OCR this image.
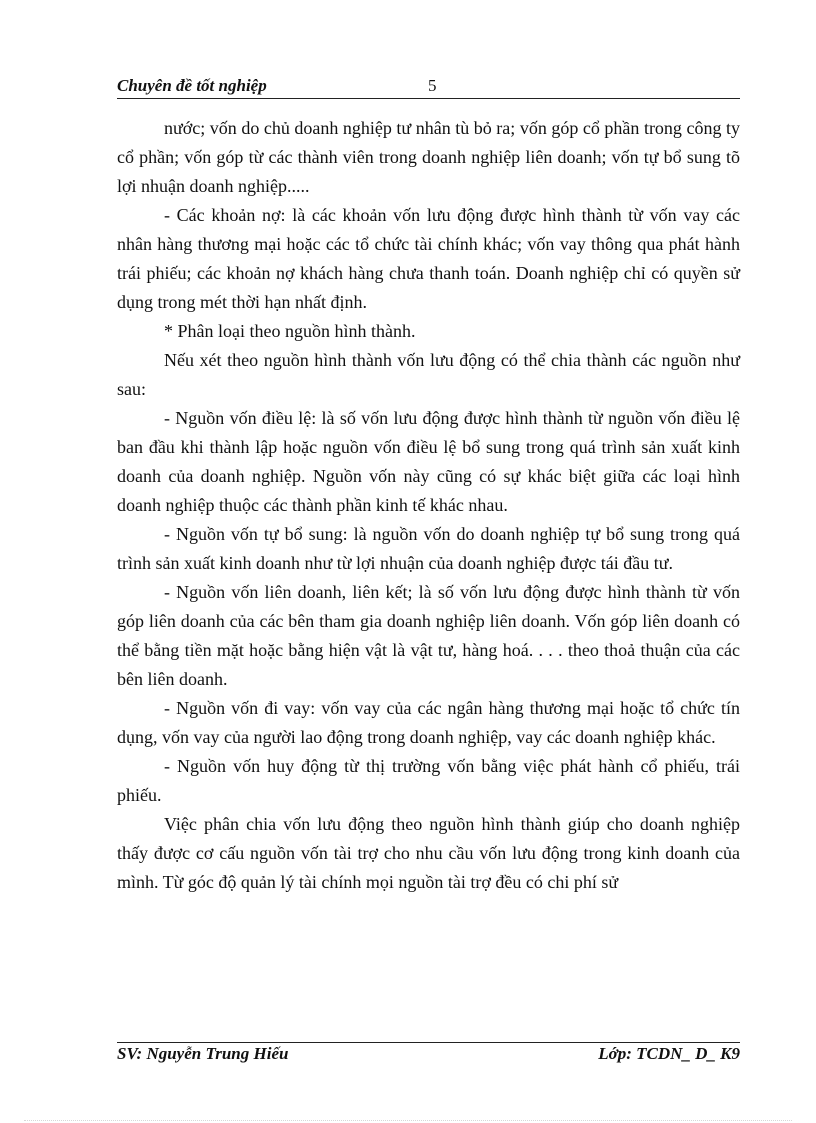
Chuyên đề tốt nghiệp	5

nước; vốn do chủ doanh nghiệp tư nhân tù bỏ ra; vốn góp cổ phần trong công ty cổ phần; vốn góp từ các thành viên trong doanh nghiệp liên doanh; vốn tự bổ sung tõ lợi nhuận doanh nghiệp.....

- Các khoản nợ: là các khoản vốn lưu động được hình thành từ vốn vay các nhân hàng thương mại hoặc các tổ chức tài chính khác; vốn vay thông qua phát hành trái phiếu; các khoản nợ khách hàng chưa thanh toán. Doanh nghiệp chỉ có quyền sử dụng trong mét thời hạn nhất định.

* Phân loại theo nguồn hình thành.

Nếu xét theo nguồn hình thành vốn lưu động có thể chia thành các nguồn như sau:

- Nguồn vốn điều lệ: là số vốn lưu động được hình thành từ nguồn vốn điều lệ ban đầu khi thành lập hoặc nguồn vốn điều lệ bổ sung trong quá trình sản xuất kinh doanh của doanh nghiệp. Nguồn vốn này cũng có sự khác biệt giữa các loại hình doanh nghiệp thuộc các thành phần kinh tế khác nhau.

- Nguồn vốn tự bổ sung: là nguồn vốn do doanh nghiệp tự bổ sung trong quá trình sản xuất kinh doanh như từ lợi nhuận của doanh nghiệp được tái đầu tư.

- Nguồn vốn liên doanh, liên kết; là số vốn lưu động được hình thành từ vốn góp liên doanh của các bên tham gia doanh nghiệp liên doanh. Vốn góp liên doanh có thể bằng tiền mặt hoặc bằng hiện vật là vật tư, hàng hoá. . . . theo thoả thuận của các bên liên doanh.

- Nguồn vốn đi vay: vốn vay của các ngân hàng thương mại hoặc tổ chức tín dụng, vốn vay của người lao động trong doanh nghiệp, vay các doanh nghiệp khác.

- Nguồn vốn huy động từ thị trường vốn bằng việc phát hành cổ phiếu, trái phiếu.

Việc phân chia vốn lưu động theo nguồn hình thành giúp cho doanh nghiệp thấy được cơ cấu nguồn vốn tài trợ cho nhu cầu vốn lưu động trong kinh doanh của mình. Từ góc độ quản lý tài chính mọi nguồn tài trợ đều có chi phí sử

SV: Nguyễn Trung Hiếu	Lớp: TCDN_ D_ K9
